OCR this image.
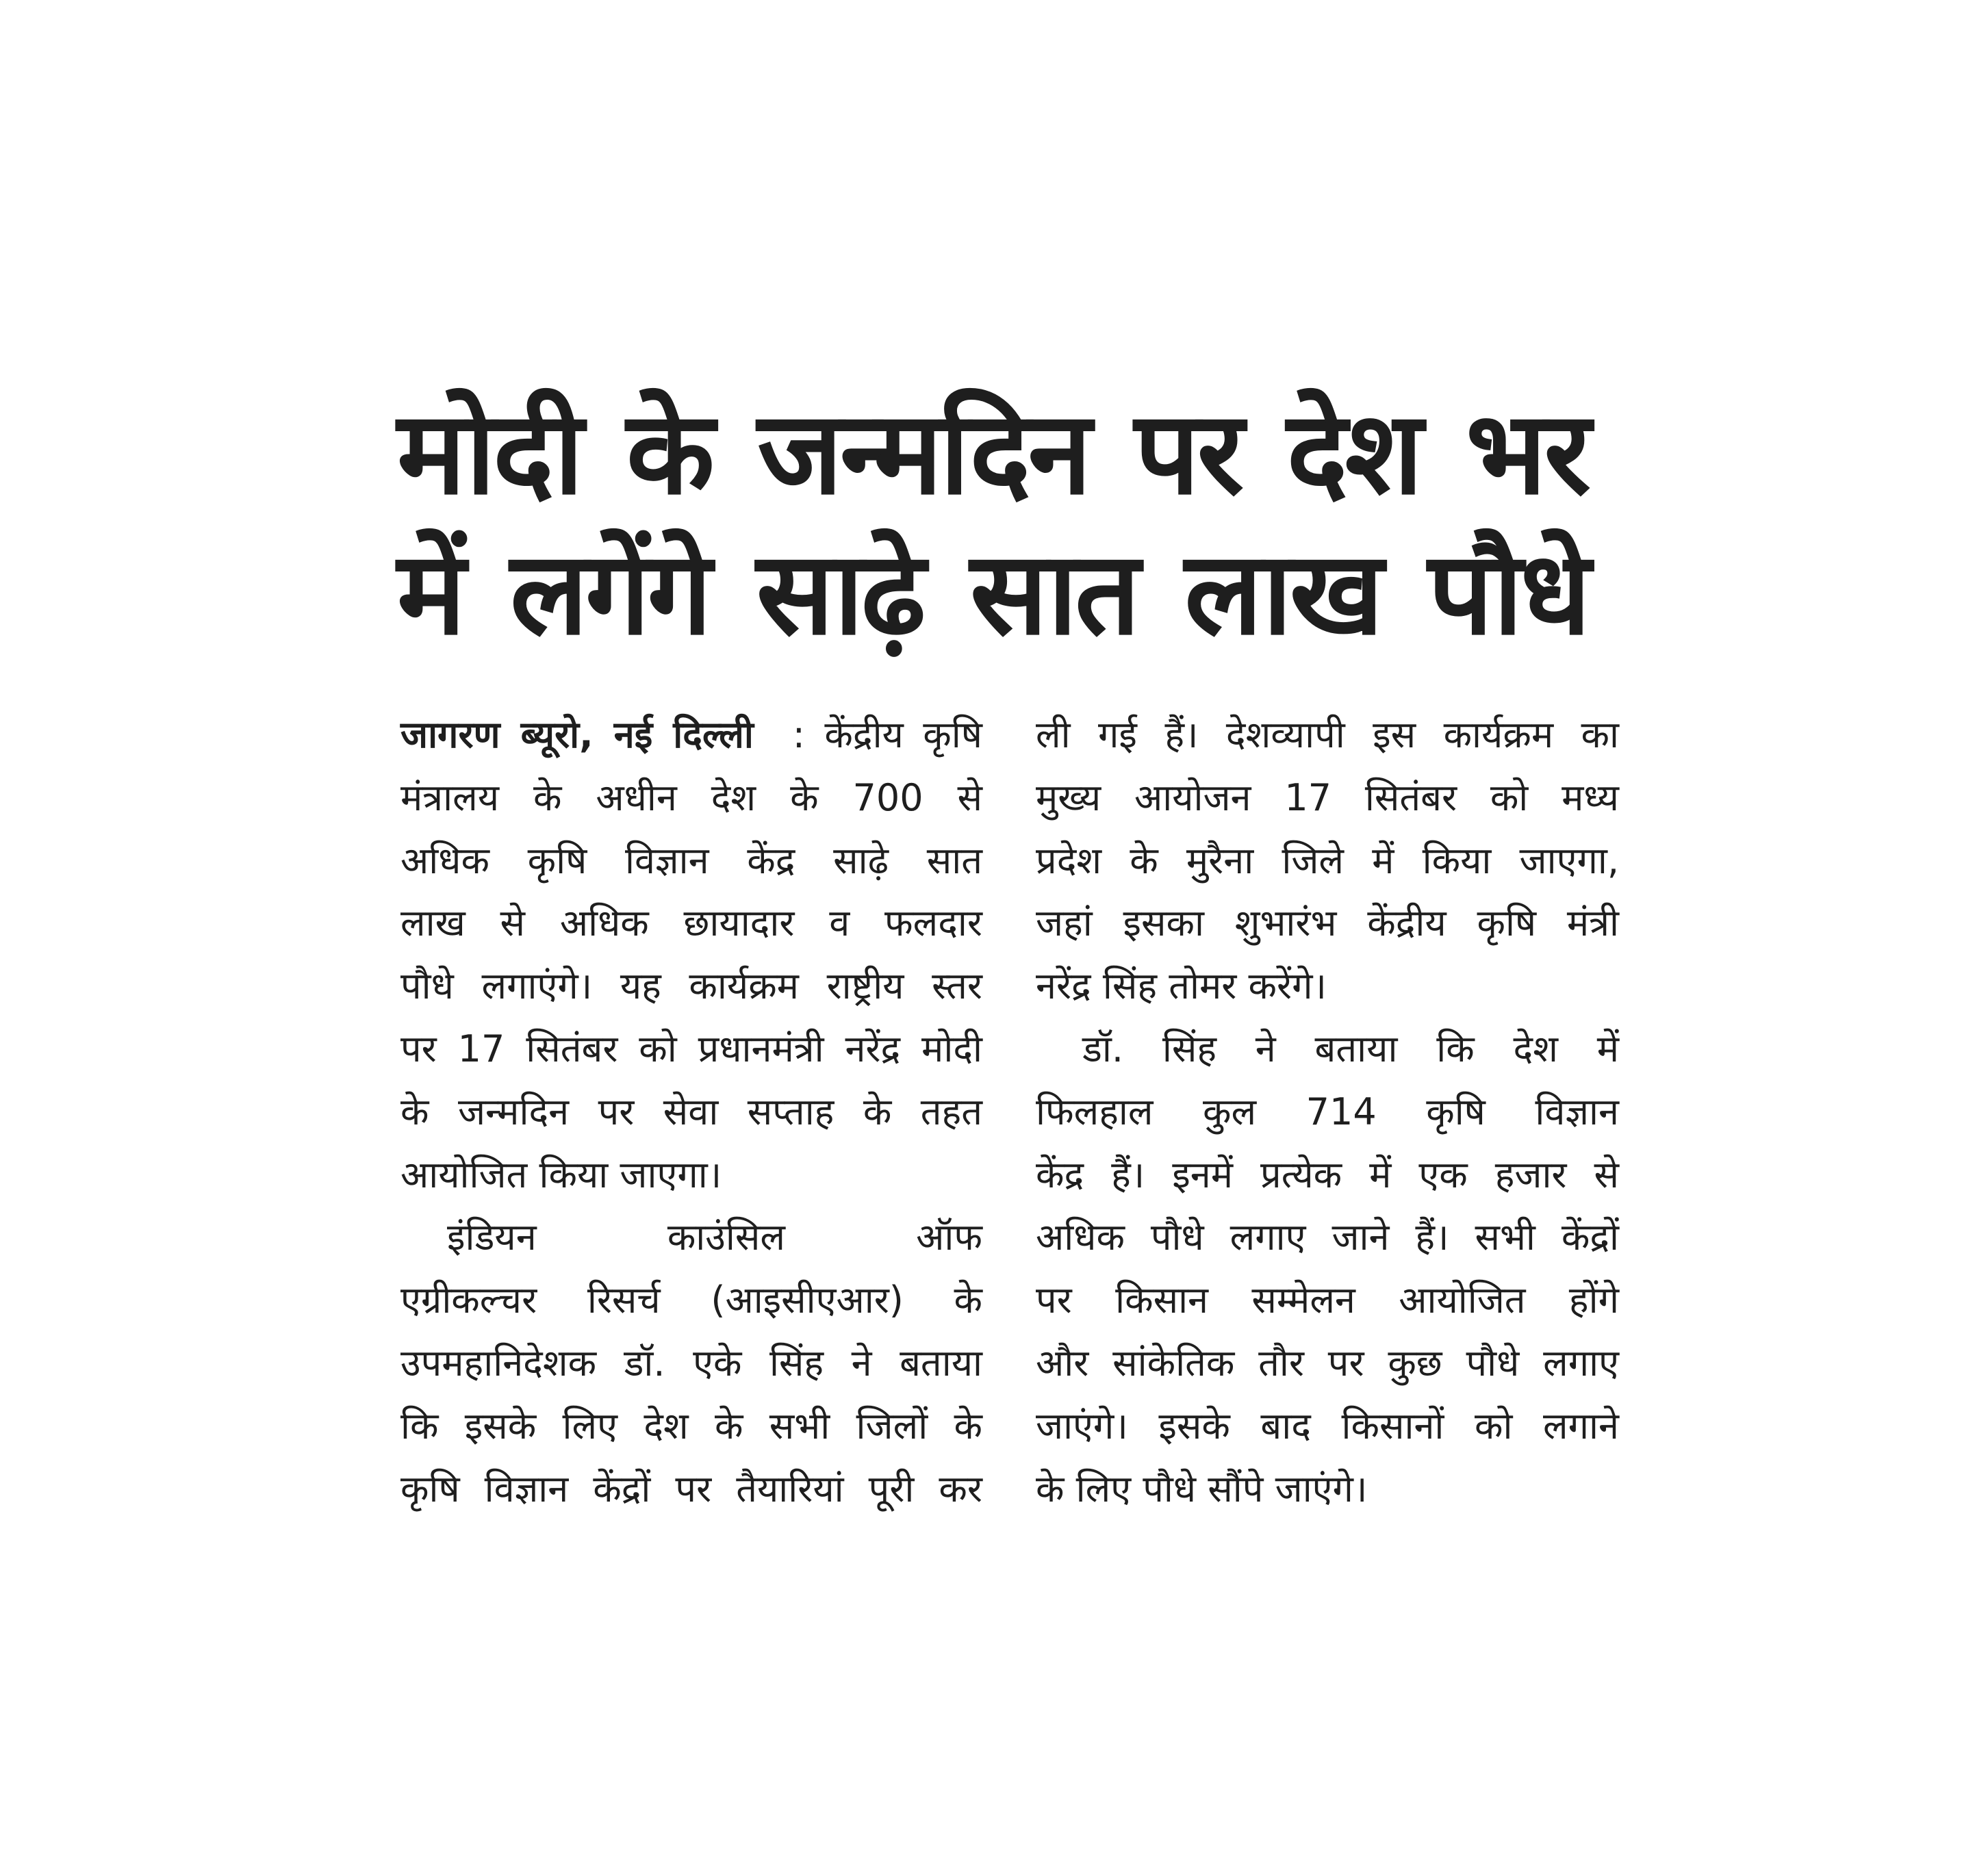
मोदी के जन्मदिन पर देश भर
में लगेंगे साढ़े सात लाख पौधे
जागरण ब्यूरो, नई दिल्ली : केंद्रीय कृषि
मंत्रालय के अधीन देश के 700 से
अधिक कृषि विज्ञान केंद्र साढ़े सात
लाख से अधिक छायादार व फलदार
पौधे लगाएंगे। यह कार्यक्रम राष्ट्रीय स्तर
पर 17 सितंबर को प्रधानमंत्री नरेंद्र मोदी
के जन्मदिन पर सेवा सप्ताह के तहत
आयोजित किया जाएगा।
इंडियन काउंसिल ऑफ
एग्रीकल्चर रिसर्च (आइसीएआर) के
उपमहानिदेशक डॉ. एके सिंह ने बताया
कि इसके लिए देश के सभी जिलों के
कृषि विज्ञान केंद्रों पर तैयारियां पूरी कर
ली गई हैं। देशव्यापी इस कार्यक्रम का
मुख्य आयोजन 17 सितंबर को मध्य
प्रदेश के मुरैना जिले में किया जाएगा,
जहां इसका शुभारंभ केंद्रीय कृषि मंत्री
नरेंद्र सिंह तोमर करेंगे।
डॉ. सिंह ने बताया कि देश में
फिलहाल कुल 714 कृषि विज्ञान
केंद्र हैं। इनमें प्रत्येक में एक हजार से
अधिक पौधे लगाए जाने हैं। सभी केंद्रों
पर किसान सम्मेलन आयोजित होंगे
और सांकेतिक तौर पर कुछ पौधे लगाए
जाएंगे। इसके बाद किसानों को लगाने
के लिए पौधे सौंपे जाएंगे।
